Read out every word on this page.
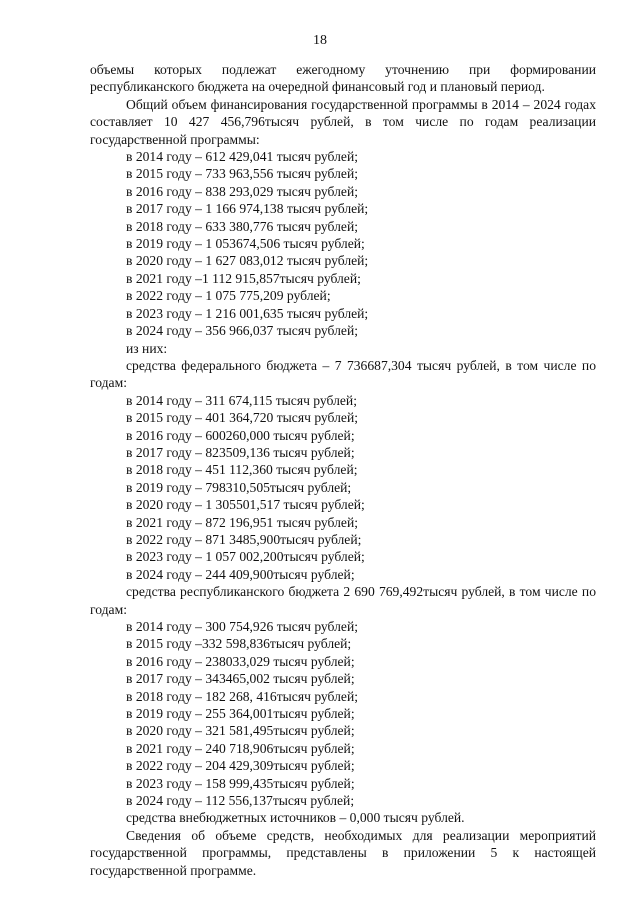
18

объемы которых подлежат ежегодному уточнению при формировании республиканского бюджета на очередной финансовый год и плановый период.

Общий объем финансирования государственной программы в 2014 – 2024 годах составляет 10 427 456,796тысяч рублей, в том числе по годам реализации государственной программы:

в 2014 году – 612 429,041 тысяч рублей;

в 2015 году – 733 963,556 тысяч рублей;

в 2016 году – 838 293,029 тысяч рублей;

в 2017 году – 1 166 974,138 тысяч рублей;

в 2018 году – 633 380,776 тысяч рублей;

в 2019 году – 1 053674,506 тысяч рублей;

в 2020 году – 1 627 083,012 тысяч рублей;

в 2021 году –1 112 915,857тысяч рублей;

в 2022 году – 1 075 775,209 рублей;

в 2023 году – 1 216 001,635 тысяч рублей;

в 2024 году – 356 966,037 тысяч рублей;

из них:

средства федерального бюджета – 7 736687,304 тысяч рублей, в том числе по годам:

в 2014 году – 311 674,115 тысяч рублей;

в 2015 году – 401 364,720 тысяч рублей;

в 2016 году – 600260,000 тысяч рублей;

в 2017 году – 823509,136 тысяч рублей;

в 2018 году – 451 112,360 тысяч рублей;

в 2019 году – 798310,505тысяч рублей;

в 2020 году – 1 305501,517 тысяч рублей;

в 2021 году – 872 196,951 тысяч рублей;

в 2022 году – 871 3485,900тысяч рублей;

в 2023 году – 1 057 002,200тысяч рублей;

в 2024 году – 244 409,900тысяч рублей;

средства республиканского бюджета 2 690 769,492тысяч рублей, в том числе по годам:

в 2014 году – 300 754,926 тысяч рублей;

в 2015 году –332 598,836тысяч рублей;

в 2016 году – 238033,029 тысяч рублей;

в 2017 году – 343465,002 тысяч рублей;

в 2018 году – 182 268, 416тысяч рублей;

в 2019 году – 255 364,001тысяч рублей;

в 2020 году – 321 581,495тысяч рублей;

в 2021 году – 240 718,906тысяч рублей;

в 2022 году – 204 429,309тысяч рублей;

в 2023 году – 158 999,435тысяч рублей;

в 2024 году – 112 556,137тысяч рублей;

средства внебюджетных источников – 0,000 тысяч рублей.

Сведения об объеме средств, необходимых для реализации мероприятий государственной программы, представлены в приложении 5 к настоящей государственной программе.
